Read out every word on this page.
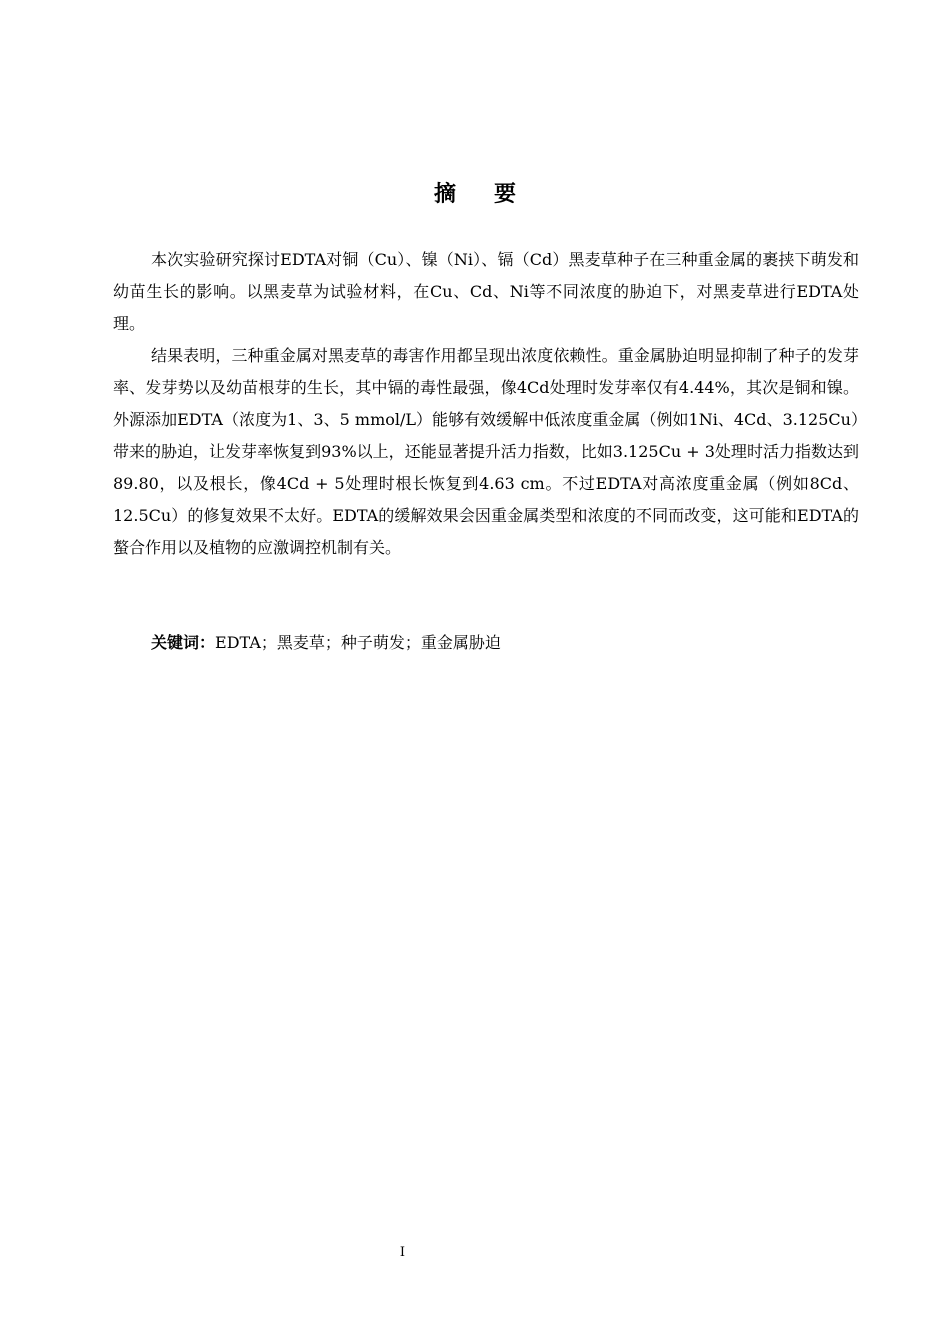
摘 要

本次实验研究探讨EDTA对铜（Cu）、镍（Ni）、镉（Cd）黑麦草种子在三种重金属的裹挟下萌发和幼苗生长的影响。以黑麦草为试验材料，在Cu、Cd、Ni等不同浓度的胁迫下，对黑麦草进行EDTA处理。

结果表明，三种重金属对黑麦草的毒害作用都呈现出浓度依赖性。重金属胁迫明显抑制了种子的发芽率、发芽势以及幼苗根芽的生长，其中镉的毒性最强，像4Cd处理时发芽率仅有4.44%，其次是铜和镍。外源添加EDTA（浓度为1、3、5 mmol/L）能够有效缓解中低浓度重金属（例如1Ni、4Cd、3.125Cu）带来的胁迫，让发芽率恢复到93%以上，还能显著提升活力指数，比如3.125Cu + 3处理时活力指数达到89.80，以及根长，像4Cd + 5处理时根长恢复到4.63 cm。不过EDTA对高浓度重金属（例如8Cd、12.5Cu）的修复效果不太好。EDTA的缓解效果会因重金属类型和浓度的不同而改变，这可能和EDTA的螯合作用以及植物的应激调控机制有关。

关键词：EDTA；黑麦草；种子萌发；重金属胁迫
I
